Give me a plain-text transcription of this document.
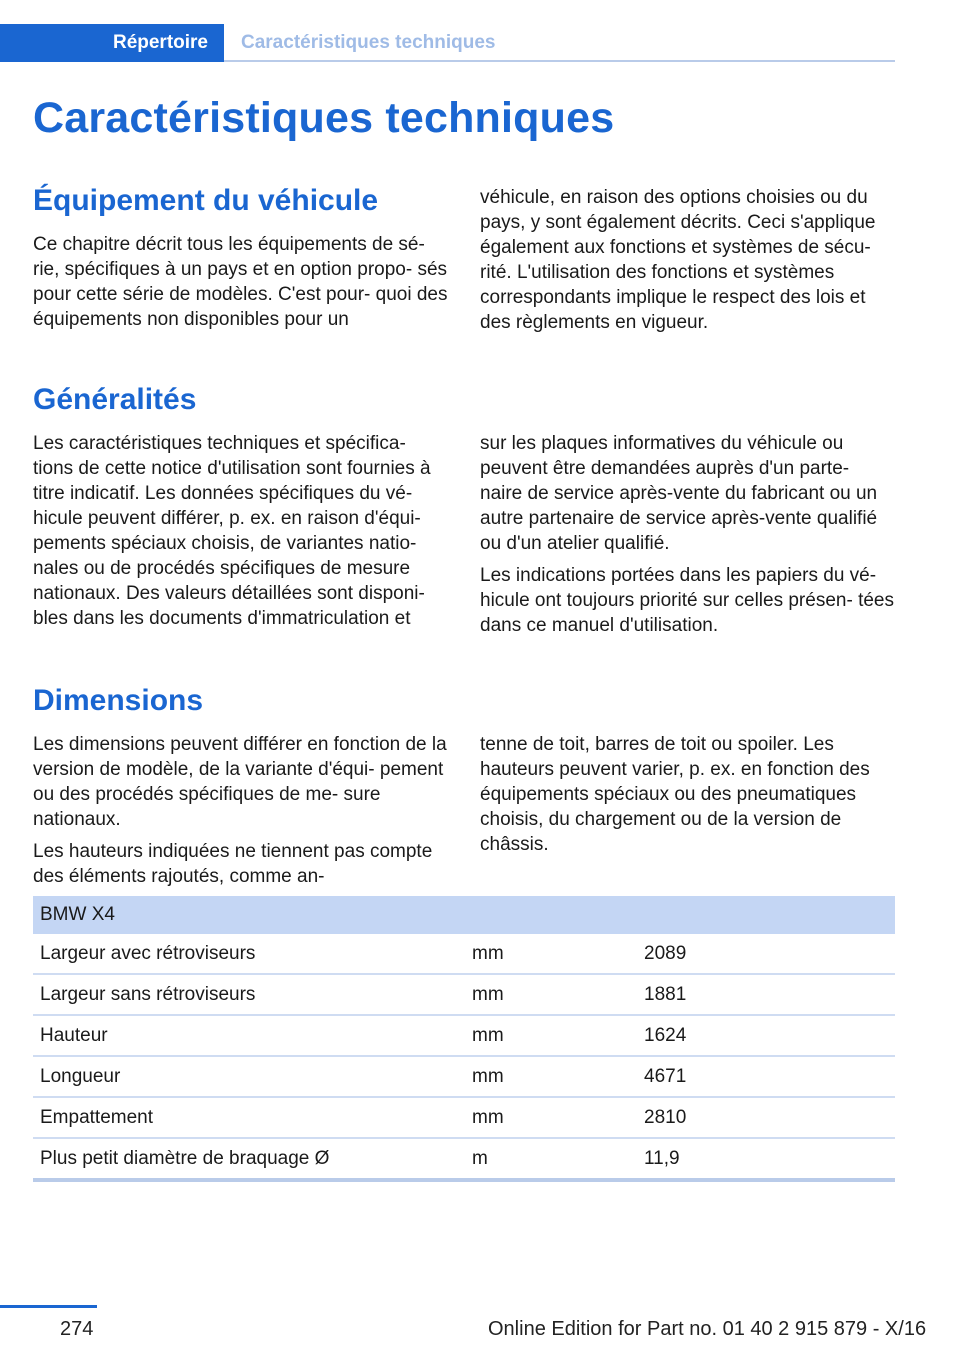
Répertoire	Caractéristiques techniques
Caractéristiques techniques
Équipement du véhicule

Ce chapitre décrit tous les équipements de sé‐ rie, spécifiques à un pays et en option propo‐ sés pour cette série de modèles. C'est pour‐ quoi des équipements non disponibles pour un

véhicule, en raison des options choisies ou du pays, y sont également décrits. Ceci s'applique également aux fonctions et systèmes de sécu‐ rité. L'utilisation des fonctions et systèmes correspondants implique le respect des lois et des règlements en vigueur.

Généralités

Les caractéristiques techniques et spécifica‐ tions de cette notice d'utilisation sont fournies à titre indicatif. Les données spécifiques du vé‐ hicule peuvent différer, p. ex. en raison d'équi‐ pements spéciaux choisis, de variantes natio‐ nales ou de procédés spécifiques de mesure nationaux. Des valeurs détaillées sont disponi‐ bles dans les documents d'immatriculation et

sur les plaques informatives du véhicule ou peuvent être demandées auprès d'un parte‐ naire de service après-vente du fabricant ou un autre partenaire de service après-vente qualifié ou d'un atelier qualifié.

Les indications portées dans les papiers du vé‐ hicule ont toujours priorité sur celles présen‐ tées dans ce manuel d'utilisation.

Dimensions

Les dimensions peuvent différer en fonction de la version de modèle, de la variante d'équi‐ pement ou des procédés spécifiques de me‐ sure nationaux.

Les hauteurs indiquées ne tiennent pas compte des éléments rajoutés, comme an‐

tenne de toit, barres de toit ou spoiler. Les hauteurs peuvent varier, p. ex. en fonction des équipements spéciaux ou des pneumatiques choisis, du chargement ou de la version de châssis.

BMW X4		
Largeur avec rétroviseurs	mm	2089
Largeur sans rétroviseurs	mm	1881
Hauteur	mm	1624
Longueur	mm	4671
Empattement	mm	2810
Plus petit diamètre de braquage Ø	m	11,9
274	Online Edition for Part no. 01 40 2 915 879 - X/16
